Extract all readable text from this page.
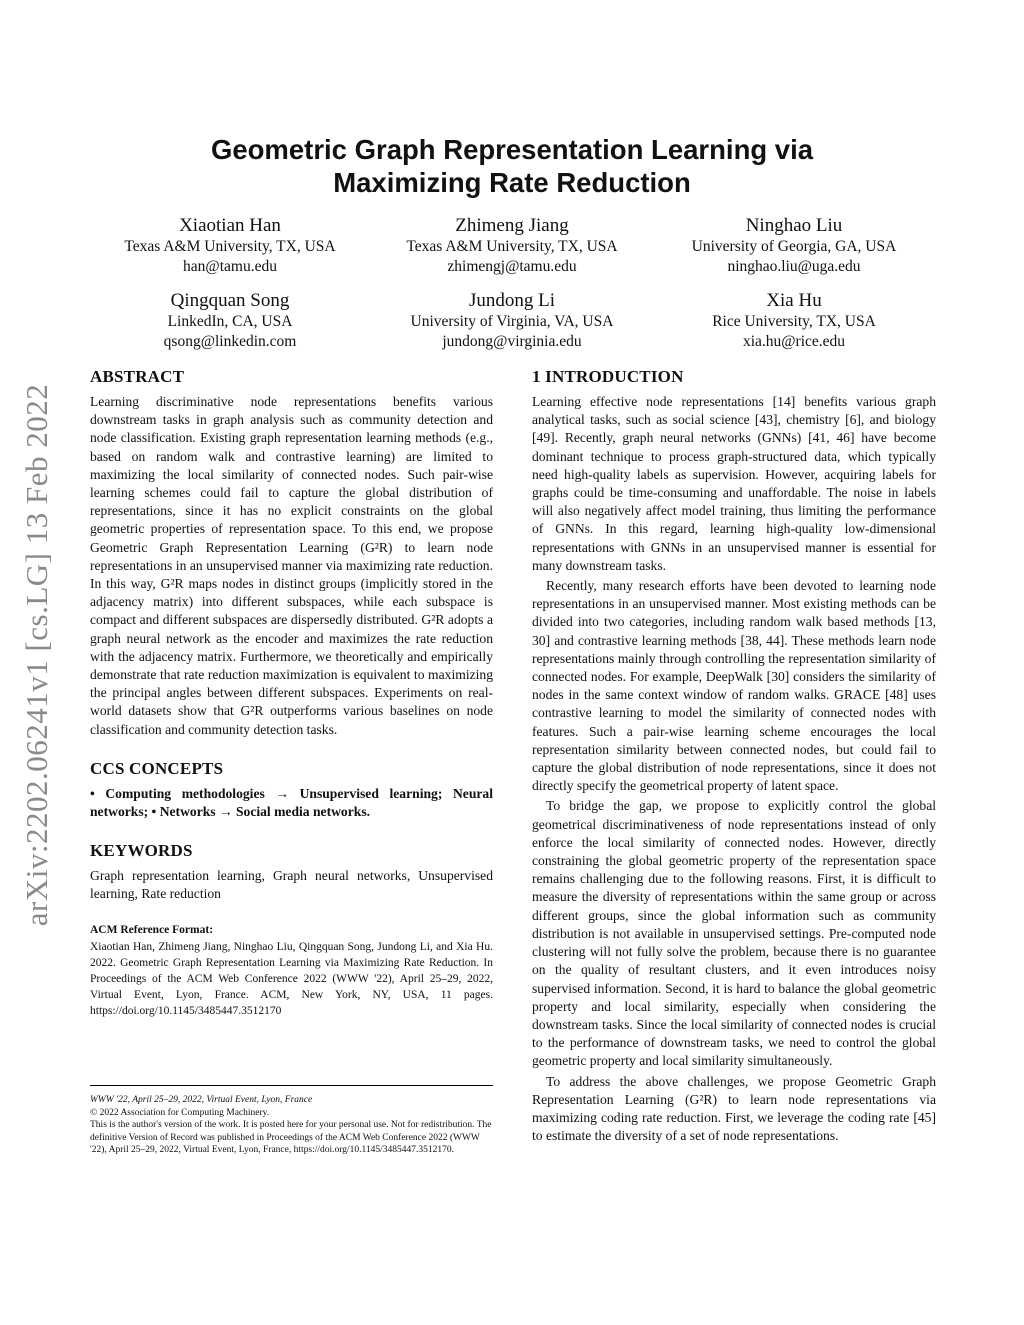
arXiv:2202.06241v1 [cs.LG] 13 Feb 2022
Geometric Graph Representation Learning via
Maximizing Rate Reduction
Xiaotian Han
Texas A&M University, TX, USA
han@tamu.edu
Zhimeng Jiang
Texas A&M University, TX, USA
zhimengj@tamu.edu
Ninghao Liu
University of Georgia, GA, USA
ninghao.liu@uga.edu
Qingquan Song
LinkedIn, CA, USA
qsong@linkedin.com
Jundong Li
University of Virginia, VA, USA
jundong@virginia.edu
Xia Hu
Rice University, TX, USA
xia.hu@rice.edu
ABSTRACT

Learning discriminative node representations benefits various downstream tasks in graph analysis such as community detection and node classification. Existing graph representation learning methods (e.g., based on random walk and contrastive learning) are limited to maximizing the local similarity of connected nodes. Such pair-wise learning schemes could fail to capture the global distribution of representations, since it has no explicit constraints on the global geometric properties of representation space. To this end, we propose Geometric Graph Representation Learning (G²R) to learn node representations in an unsupervised manner via maximizing rate reduction. In this way, G²R maps nodes in distinct groups (implicitly stored in the adjacency matrix) into different subspaces, while each subspace is compact and different subspaces are dispersedly distributed. G²R adopts a graph neural network as the encoder and maximizes the rate reduction with the adjacency matrix. Furthermore, we theoretically and empirically demonstrate that rate reduction maximization is equivalent to maximizing the principal angles between different subspaces. Experiments on real-world datasets show that G²R outperforms various baselines on node classification and community detection tasks.

CCS CONCEPTS

• Computing methodologies → Unsupervised learning; Neural networks; • Networks → Social media networks.

KEYWORDS

Graph representation learning, Graph neural networks, Unsupervised learning, Rate reduction

ACM Reference Format:

Xiaotian Han, Zhimeng Jiang, Ninghao Liu, Qingquan Song, Jundong Li, and Xia Hu. 2022. Geometric Graph Representation Learning via Maximizing Rate Reduction. In Proceedings of the ACM Web Conference 2022 (WWW '22), April 25–29, 2022, Virtual Event, Lyon, France. ACM, New York, NY, USA, 11 pages. https://doi.org/10.1145/3485447.3512170

WWW '22, April 25–29, 2022, Virtual Event, Lyon, France

© 2022 Association for Computing Machinery.

This is the author's version of the work. It is posted here for your personal use. Not for redistribution. The definitive Version of Record was published in Proceedings of the ACM Web Conference 2022 (WWW '22), April 25–29, 2022, Virtual Event, Lyon, France, https://doi.org/10.1145/3485447.3512170.

1 INTRODUCTION

Learning effective node representations [14] benefits various graph analytical tasks, such as social science [43], chemistry [6], and biology [49]. Recently, graph neural networks (GNNs) [41, 46] have become dominant technique to process graph-structured data, which typically need high-quality labels as supervision. However, acquiring labels for graphs could be time-consuming and unaffordable. The noise in labels will also negatively affect model training, thus limiting the performance of GNNs. In this regard, learning high-quality low-dimensional representations with GNNs in an unsupervised manner is essential for many downstream tasks.

Recently, many research efforts have been devoted to learning node representations in an unsupervised manner. Most existing methods can be divided into two categories, including random walk based methods [13, 30] and contrastive learning methods [38, 44]. These methods learn node representations mainly through controlling the representation similarity of connected nodes. For example, DeepWalk [30] considers the similarity of nodes in the same context window of random walks. GRACE [48] uses contrastive learning to model the similarity of connected nodes with features. Such a pair-wise learning scheme encourages the local representation similarity between connected nodes, but could fail to capture the global distribution of node representations, since it does not directly specify the geometrical property of latent space.

To bridge the gap, we propose to explicitly control the global geometrical discriminativeness of node representations instead of only enforce the local similarity of connected nodes. However, directly constraining the global geometric property of the representation space remains challenging due to the following reasons. First, it is difficult to measure the diversity of representations within the same group or across different groups, since the global information such as community distribution is not available in unsupervised settings. Pre-computed node clustering will not fully solve the problem, because there is no guarantee on the quality of resultant clusters, and it even introduces noisy supervised information. Second, it is hard to balance the global geometric property and local similarity, especially when considering the downstream tasks. Since the local similarity of connected nodes is crucial to the performance of downstream tasks, we need to control the global geometric property and local similarity simultaneously.

To address the above challenges, we propose Geometric Graph Representation Learning (G²R) to learn node representations via maximizing coding rate reduction. First, we leverage the coding rate [45] to estimate the diversity of a set of node representations.
